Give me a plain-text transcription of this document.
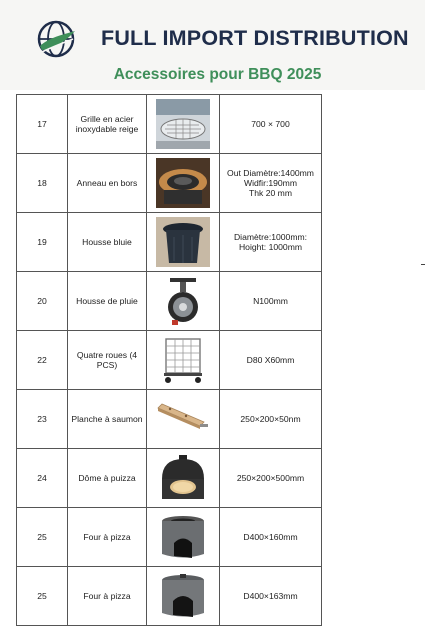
FULL IMPORT DISTRIBUTION
Accessoires pour BBQ 2025
17	Grille en acier inoxydable reige		700 × 700

18	Anneau en bors		Out Diamètre:1400mm
Widfir:190mm
Thk 20 mm

19	Housse bluie		Diamètre:1000mm:
Hoight: 1000mm

20	Housse de pluie		N100mm

22	Quatre roues (4 PCS)		D80 X60mm

23	Planche à saumon		250×200×50nm

24	Dôme à puizza		250×200×500mm

25	Four à pizza		D400×160mm

25	Four à pizza		D400×163mm
